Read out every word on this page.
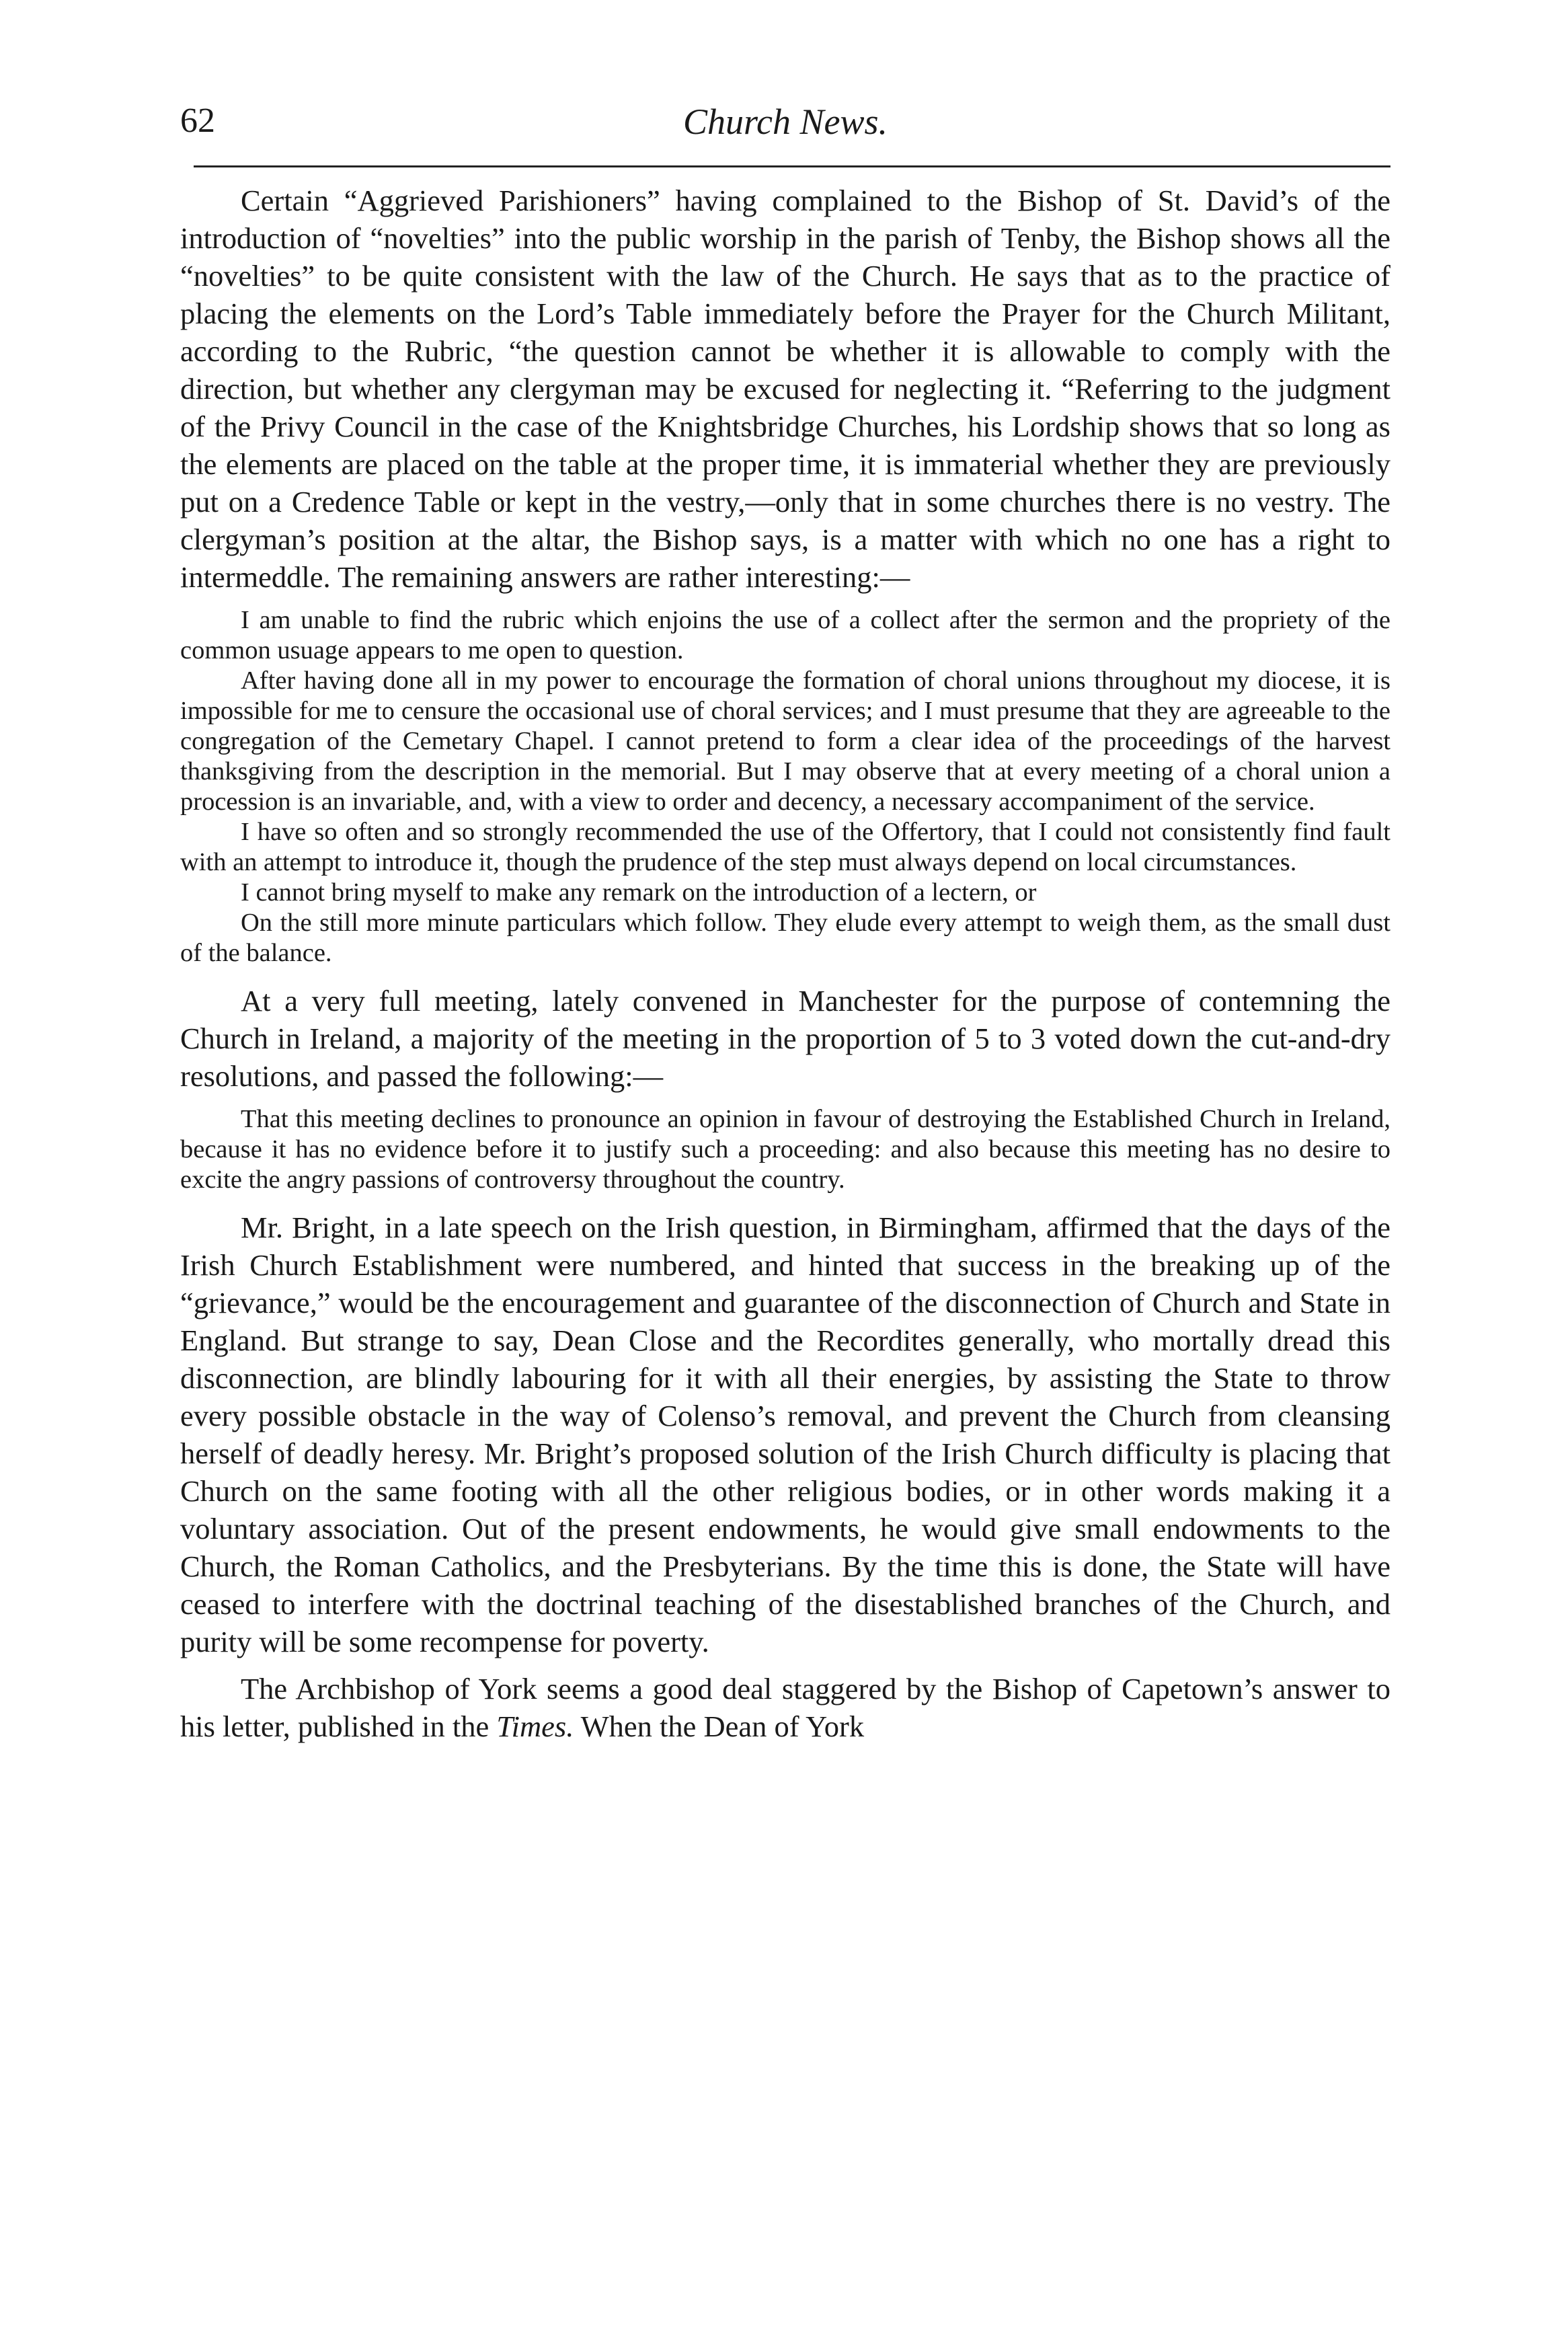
62	Church News.

Certain “Aggrieved Parishioners” having complained to the Bishop of St. David’s of the introduction of “novelties” into the public worship in the parish of Tenby, the Bishop shows all the “novelties” to be quite consistent with the law of the Church. He says that as to the practice of placing the elements on the Lord’s Table immediately before the Prayer for the Church Militant, according to the Rubric, “the question cannot be whether it is allowable to comply with the direction, but whether any clergyman may be excused for neglecting it. “Referring to the judgment of the Privy Council in the case of the Knightsbridge Churches, his Lordship shows that so long as the elements are placed on the table at the proper time, it is immaterial whether they are previously put on a Credence Table or kept in the vestry,—only that in some churches there is no vestry. The clergyman’s position at the altar, the Bishop says, is a matter with which no one has a right to intermeddle. The remaining answers are rather interesting:—

I am unable to find the rubric which enjoins the use of a collect after the sermon and the propriety of the common usuage appears to me open to question.

After having done all in my power to encourage the formation of choral unions throughout my diocese, it is impossible for me to censure the occasional use of choral services; and I must presume that they are agreeable to the congregation of the Cemetary Chapel. I cannot pretend to form a clear idea of the proceedings of the harvest thanksgiving from the description in the memorial. But I may observe that at every meeting of a choral union a procession is an invariable, and, with a view to order and decency, a necessary accompaniment of the service.

I have so often and so strongly recommended the use of the Offertory, that I could not consistently find fault with an attempt to introduce it, though the prudence of the step must always depend on local circumstances.

I cannot bring myself to make any remark on the introduction of a lectern, or

On the still more minute particulars which follow. They elude every attempt to weigh them, as the small dust of the balance.

At a very full meeting, lately convened in Manchester for the purpose of contemning the Church in Ireland, a majority of the meeting in the proportion of 5 to 3 voted down the cut-and-dry resolutions, and passed the following:—

That this meeting declines to pronounce an opinion in favour of destroying the Established Church in Ireland, because it has no evidence before it to justify such a proceeding: and also because this meeting has no desire to excite the angry passions of controversy throughout the country.

Mr. Bright, in a late speech on the Irish question, in Birmingham, affirmed that the days of the Irish Church Establishment were numbered, and hinted that success in the breaking up of the “grievance,” would be the encouragement and guarantee of the disconnection of Church and State in England. But strange to say, Dean Close and the Recordites generally, who mortally dread this disconnection, are blindly labouring for it with all their energies, by assisting the State to throw every possible obstacle in the way of Colenso’s removal, and prevent the Church from cleansing herself of deadly heresy. Mr. Bright’s proposed solution of the Irish Church difficulty is placing that Church on the same footing with all the other religious bodies, or in other words making it a voluntary association. Out of the present endowments, he would give small endowments to the Church, the Roman Catholics, and the Presbyterians. By the time this is done, the State will have ceased to interfere with the doctrinal teaching of the disestablished branches of the Church, and purity will be some recompense for poverty.

The Archbishop of York seems a good deal staggered by the Bishop of Capetown’s answer to his letter, published in the Times. When the Dean of York
